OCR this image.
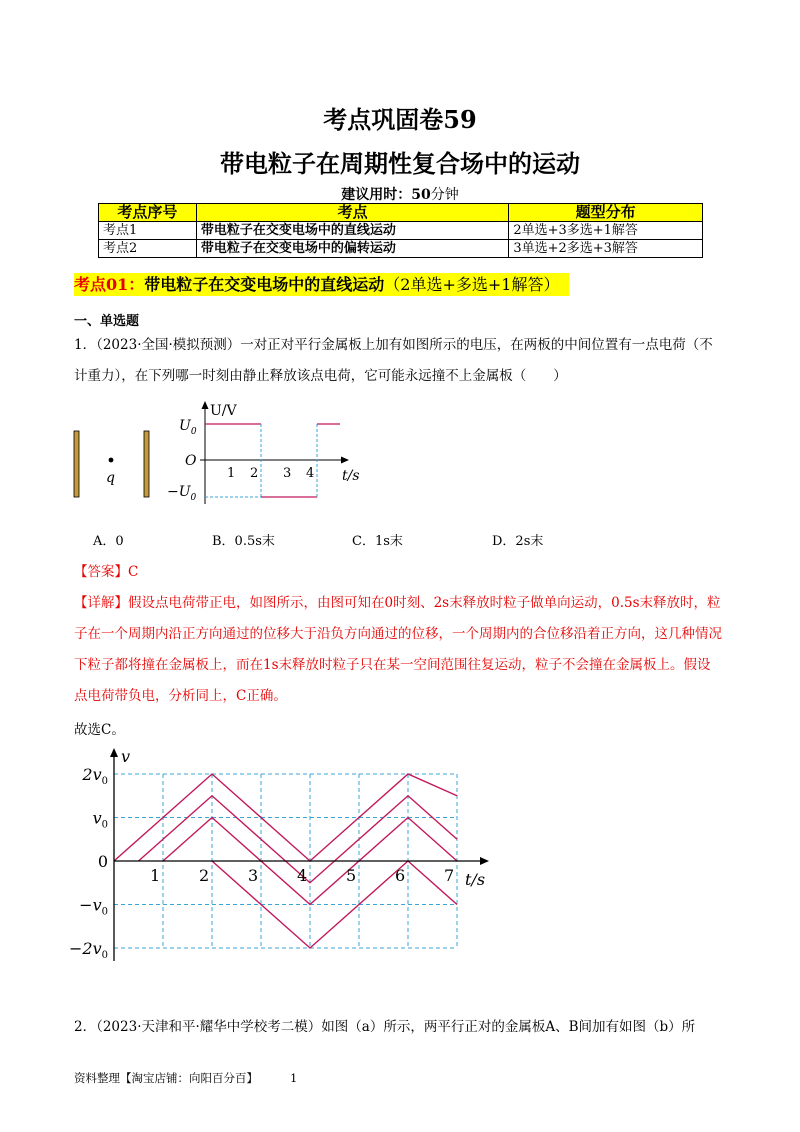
考点巩固卷59
带电粒子在周期性复合场中的运动
建议用时：50分钟
考点序号	考点	题型分布
考点1	带电粒子在交变电场中的直线运动	2单选+3多选+1解答
考点2	带电粒子在交变电场中的偏转运动	3单选+2多选+3解答
考点01：带电粒子在交变电场中的直线运动（2单选+多选+1解答）
一、单选题
1．（2023·全国·模拟预测）一对正对平行金属板上加有如图所示的电压，在两板的中间位置有一点电荷（不计重力），在下列哪一时刻由静止释放该点电荷，它可能永远撞不上金属板（　　）
q
U/V
t/s
O
$U_0$
$-U_0$
1 2 3 4
A．0	B．0.5s末	C．1s末	D．2s末
【答案】C
【详解】假设点电荷带正电，如图所示，由图可知在0时刻、2s末释放时粒子做单向运动，0.5s末释放时，粒子在一个周期内沿正方向通过的位移大于沿负方向通过的位移，一个周期内的合位移沿着正方向，这几种情况下粒子都将撞在金属板上，而在1s末释放时粒子只在某一空间范围往复运动，粒子不会撞在金属板上。假设点电荷带负电，分析同上，C正确。
故选C。
v
t/s
1 2 3 4 5 6 7
$2v_0$
$v_0$
0
$-v_0$
$-2v_0$
2．（2023·天津和平·耀华中学校考二模）如图（a）所示，两平行正对的金属板A、B间加有如图（b）所
资料整理【淘宝店铺：向阳百分百】	1
